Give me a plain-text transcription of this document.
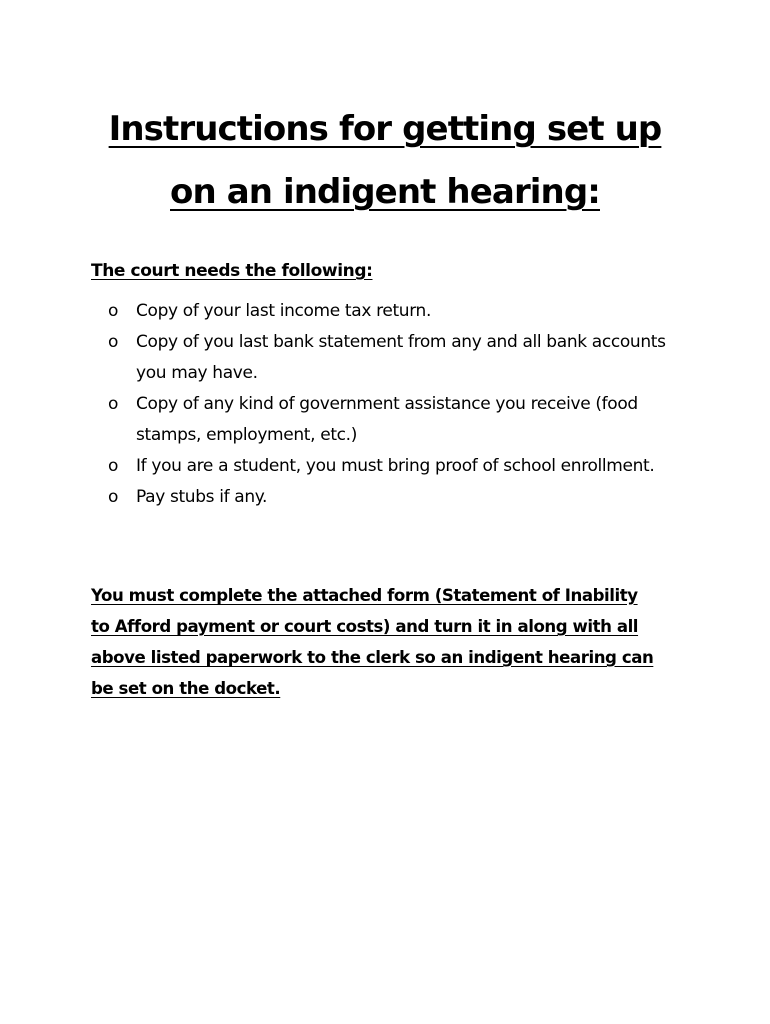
Instructions for getting set up
on an indigent hearing:

The court needs the following:

o Copy of your last income tax return.
o Copy of you last bank statement from any and all bank accounts you may have.
o Copy of any kind of government assistance you receive (food stamps, employment, etc.)
o If you are a student, you must bring proof of school enrollment.
o Pay stubs if any.

You must complete the attached form (Statement of Inability
to Afford payment or court costs) and turn it in along with all
above listed paperwork to the clerk so an indigent hearing can
be set on the docket.
